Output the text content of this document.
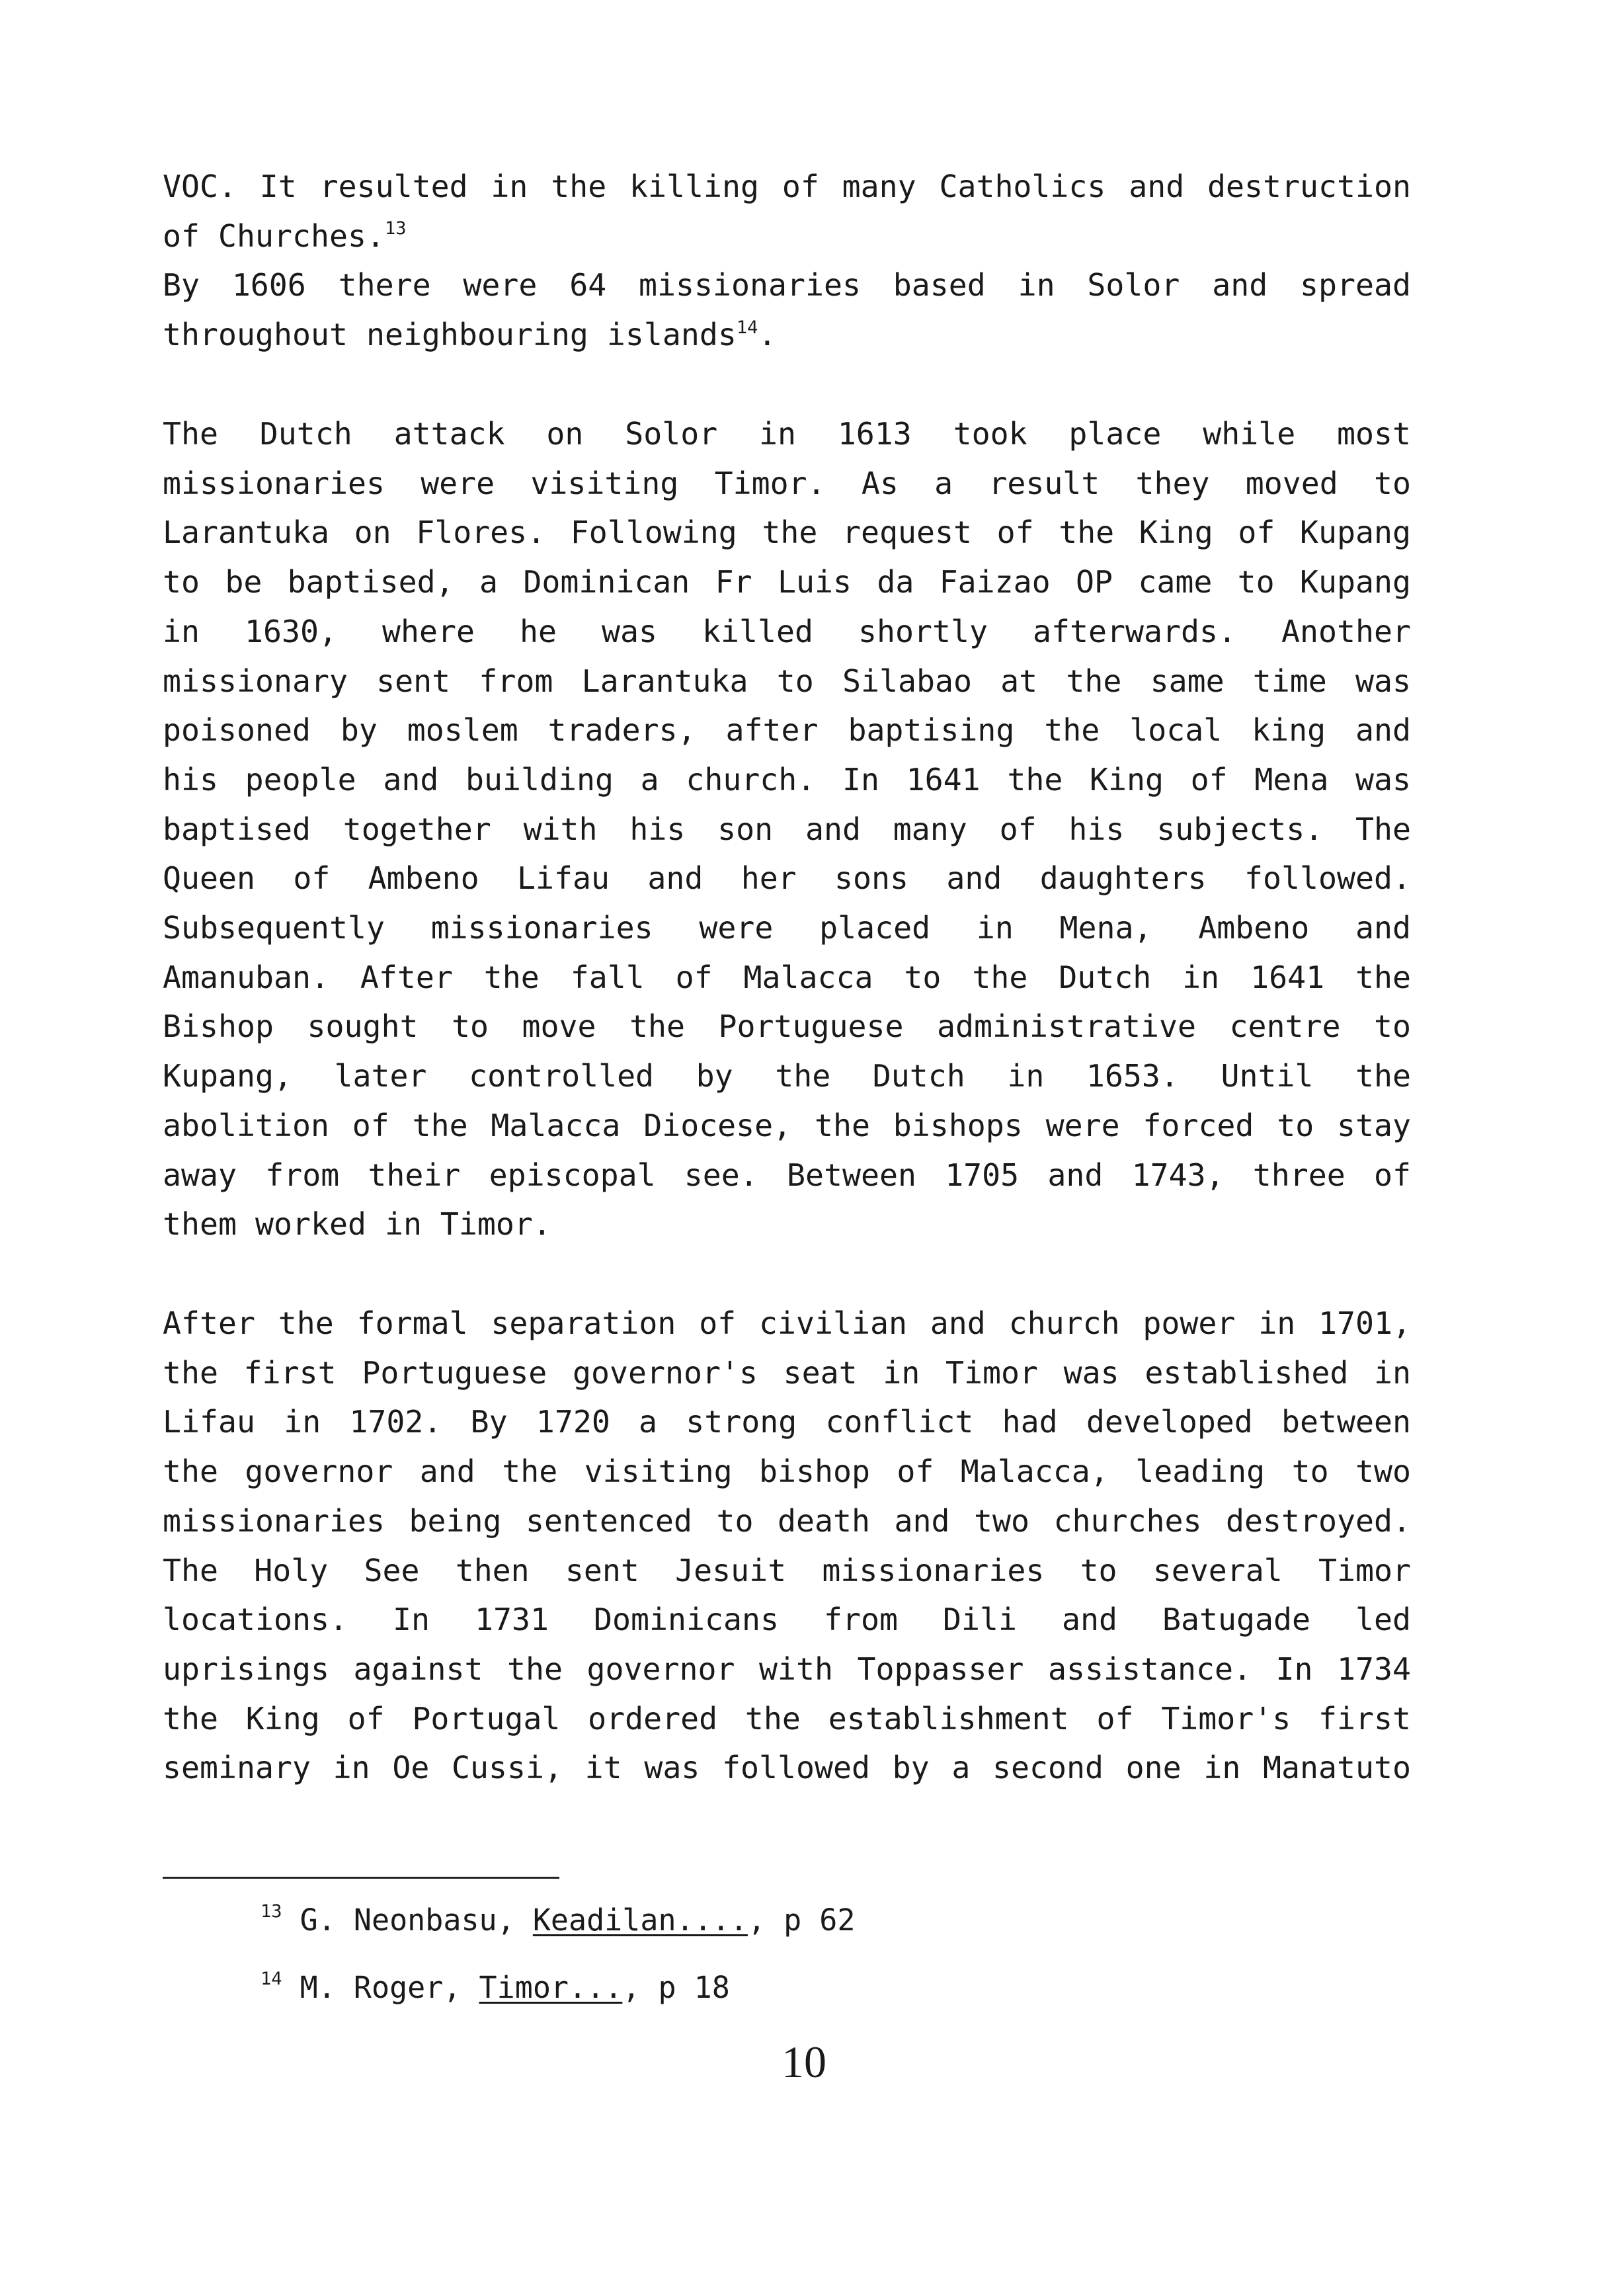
VOC. It resulted in the killing of many Catholics and destruction
of Churches.$^{13}$
By 1606 there were 64 missionaries based in Solor and spread
throughout neighbouring islands$^{14}$.
The Dutch attack on Solor in 1613 took place while most
missionaries were visiting Timor. As a result they moved to
Larantuka on Flores. Following the request of the King of Kupang
to be baptised, a Dominican Fr Luis da Faizao OP came to Kupang
in 1630, where he was killed shortly afterwards. Another
missionary sent from Larantuka to Silabao at the same time was
poisoned by moslem traders, after baptising the local king and
his people and building a church. In 1641 the King of Mena was
baptised together with his son and many of his subjects. The
Queen of Ambeno Lifau and her sons and daughters followed.
Subsequently missionaries were placed in Mena, Ambeno and
Amanuban. After the fall of Malacca to the Dutch in 1641 the
Bishop sought to move the Portuguese administrative centre to
Kupang, later controlled by the Dutch in 1653. Until the
abolition of the Malacca Diocese, the bishops were forced to stay
away from their episcopal see. Between 1705 and 1743, three of
them worked in Timor.
After the formal separation of civilian and church power in 1701,
the first Portuguese governor's seat in Timor was established in
Lifau in 1702. By 1720 a strong conflict had developed between
the governor and the visiting bishop of Malacca, leading to two
missionaries being sentenced to death and two churches destroyed.
The Holy See then sent Jesuit missionaries to several Timor
locations. In 1731 Dominicans from Dili and Batugade led
uprisings against the governor with Toppasser assistance. In 1734
the King of Portugal ordered the establishment of Timor's first
seminary in Oe Cussi, it was followed by a second one in Manatuto
$^{13}$ G. Neonbasu, Keadilan...., p 62
$^{14}$ M. Roger, Timor..., p 18
10
